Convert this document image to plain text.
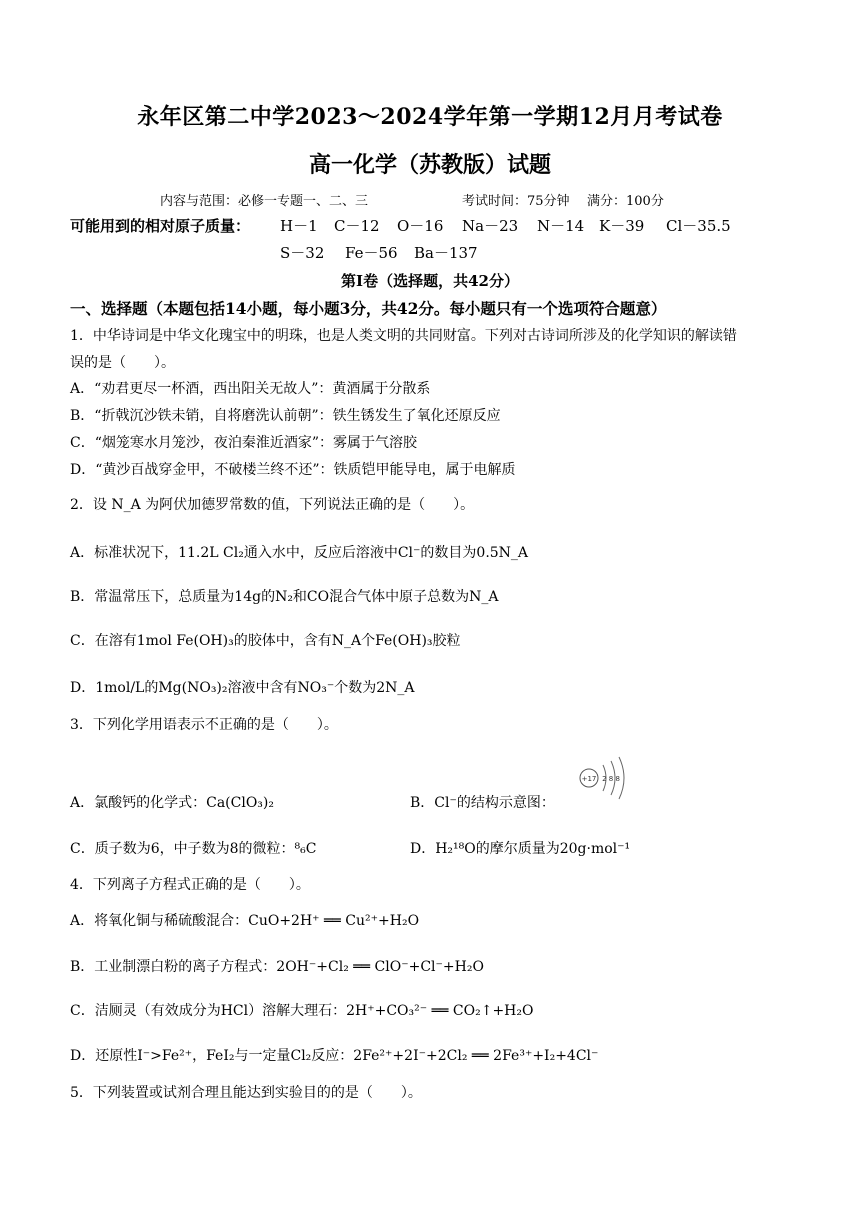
永年区第二中学2023～2024学年第一学期12月月考试卷
高一化学（苏教版）试题
内容与范围：必修一专题一、二、三	考试时间：75分钟 满分：100分
可能用到的相对原子质量： H－1 C－12 O－16 Na－23 N－14 K－39 Cl－35.5
S－32 Fe－56 Ba－137
第Ⅰ卷（选择题，共42分）
一、选择题（本题包括14小题，每小题3分，共42分。每小题只有一个选项符合题意）
1．中华诗词是中华文化瑰宝中的明珠，也是人类文明的共同财富。下列对古诗词所涉及的化学知识的解读错
误的是（　　）。
A．“劝君更尽一杯酒，西出阳关无故人”：黄酒属于分散系
B．“折戟沉沙铁未销，自将磨洗认前朝”：铁生锈发生了氧化还原反应
C．“烟笼寒水月笼沙，夜泊秦淮近酒家”：雾属于气溶胶
D．“黄沙百战穿金甲，不破楼兰终不还”：铁质铠甲能导电，属于电解质
2．设 N_A 为阿伏加德罗常数的值，下列说法正确的是（　　）。
A．标准状况下，11.2L Cl₂通入水中，反应后溶液中Cl⁻的数目为0.5N_A
B．常温常压下，总质量为14g的N₂和CO混合气体中原子总数为N_A
C．在溶有1mol Fe(OH)₃的胶体中，含有N_A个Fe(OH)₃胶粒
D．1mol/L的Mg(NO₃)₂溶液中含有NO₃⁻个数为2N_A
3．下列化学用语表示不正确的是（　　）。
A．氯酸钙的化学式：Ca(ClO₃)₂	B．Cl⁻的结构示意图：
+17 2 8 8
C．质子数为6，中子数为8的微粒：⁸₆C	D．H₂¹⁸O的摩尔质量为20g·mol⁻¹
4．下列离子方程式正确的是（　　）。
A．将氧化铜与稀硫酸混合：CuO+2H⁺ ══ Cu²⁺+H₂O
B．工业制漂白粉的离子方程式：2OH⁻+Cl₂ ══ ClO⁻+Cl⁻+H₂O
C．洁厕灵（有效成分为HCl）溶解大理石：2H⁺+CO₃²⁻ ══ CO₂↑+H₂O
D．还原性I⁻>Fe²⁺，FeI₂与一定量Cl₂反应：2Fe²⁺+2I⁻+2Cl₂ ══ 2Fe³⁺+I₂+4Cl⁻
5．下列装置或试剂合理且能达到实验目的的是（　　）。
